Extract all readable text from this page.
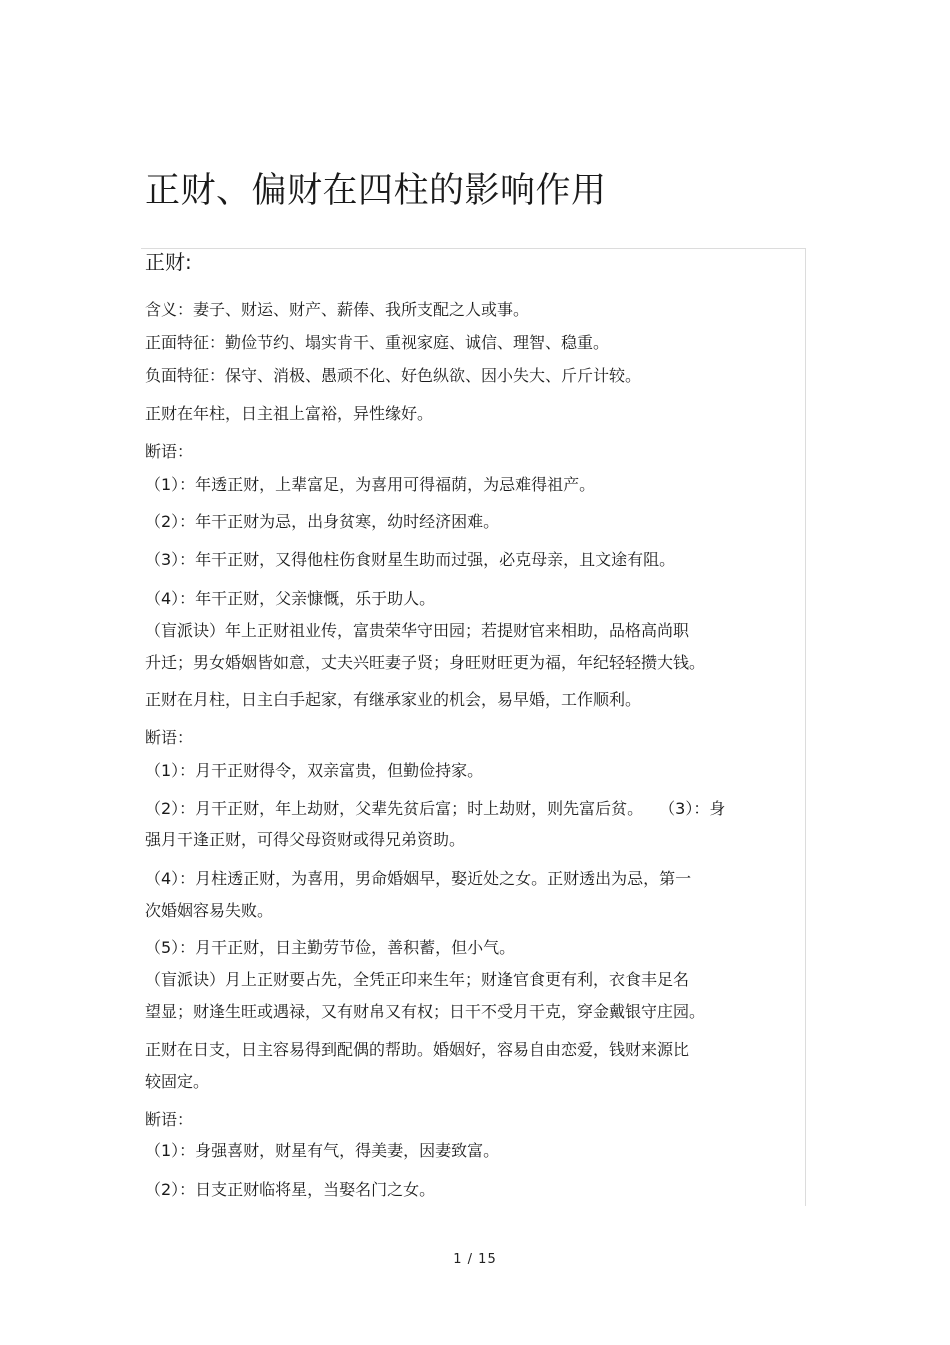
正财、偏财在四柱的影响作用
正财:
含义：妻子、财运、财产、薪俸、我所支配之人或事。
正面特征：勤俭节约、塌实肯干、重视家庭、诚信、理智、稳重。
负面特征：保守、消极、愚顽不化、好色纵欲、因小失大、斤斤计较。
正财在年柱，日主祖上富裕，异性缘好。
断语：
（1）：年透正财，上辈富足，为喜用可得福荫，为忌难得祖产。
（2）：年干正财为忌，出身贫寒，幼时经济困难。
（3）：年干正财，又得他柱伤食财星生助而过强，必克母亲，且文途有阻。
（4）：年干正财，父亲慷慨，乐于助人。
（盲派诀）年上正财祖业传，富贵荣华守田园；若提财官来相助，品格高尚职
升迁；男女婚姻皆如意，丈夫兴旺妻子贤；身旺财旺更为福，年纪轻轻攒大钱。
正财在月柱，日主白手起家，有继承家业的机会，易早婚，工作顺利。
断语：
（1）：月干正财得令，双亲富贵，但勤俭持家。
（2）：月干正财，年上劫财，父辈先贫后富；时上劫财，则先富后贫。　　（3）：身
强月干逢正财，可得父母资财或得兄弟资助。
（4）：月柱透正财，为喜用，男命婚姻早，娶近处之女。正财透出为忌，第一
次婚姻容易失败。
（5）：月干正财，日主勤劳节俭，善积蓄，但小气。
（盲派诀）月上正财要占先，全凭正印来生年；财逢官食更有利，衣食丰足名
望显；财逢生旺或遇禄，又有财帛又有权；日干不受月干克，穿金戴银守庄园。
正财在日支，日主容易得到配偶的帮助。婚姻好，容易自由恋爱，钱财来源比
较固定。
断语：
（1）：身强喜财，财星有气，得美妻，因妻致富。
（2）：日支正财临将星，当娶名门之女。
1 / 15
